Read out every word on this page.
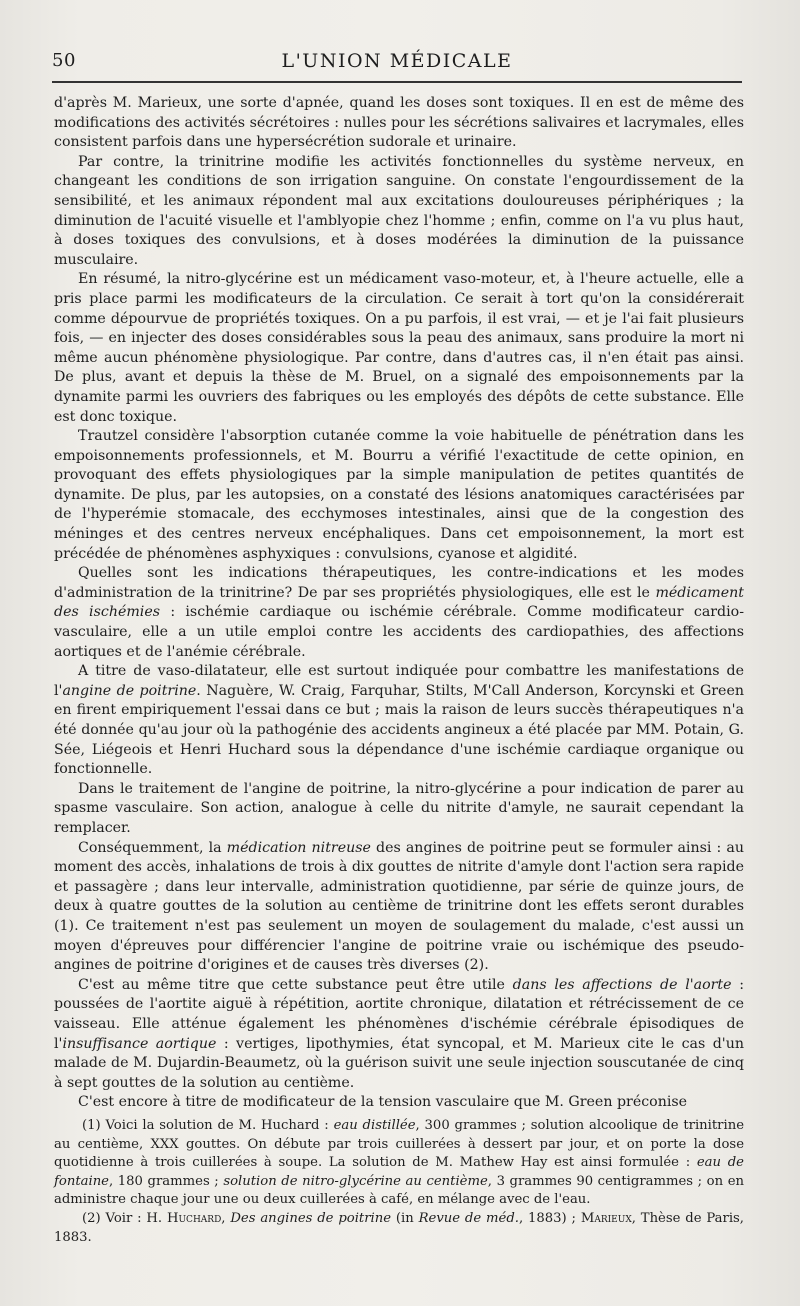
50	L'UNION MÉDICALE

d'après M. Marieux, une sorte d'apnée, quand les doses sont toxiques. Il en est de même des modifications des activités sécrétoires : nulles pour les sécrétions salivaires et lacrymales, elles consistent parfois dans une hypersécrétion sudorale et urinaire.

Par contre, la trinitrine modifie les activités fonctionnelles du système nerveux, en changeant les conditions de son irrigation sanguine. On constate l'engourdissement de la sensibilité, et les animaux répondent mal aux excitations douloureuses périphériques ; la diminution de l'acuité visuelle et l'amblyopie chez l'homme ; enfin, comme on l'a vu plus haut, à doses toxiques des convulsions, et à doses modérées la diminution de la puissance musculaire.

En résumé, la nitro-glycérine est un médicament vaso-moteur, et, à l'heure actuelle, elle a pris place parmi les modificateurs de la circulation. Ce serait à tort qu'on la considérerait comme dépourvue de propriétés toxiques. On a pu parfois, il est vrai, — et je l'ai fait plusieurs fois, — en injecter des doses considérables sous la peau des animaux, sans produire la mort ni même aucun phénomène physiologique. Par contre, dans d'autres cas, il n'en était pas ainsi. De plus, avant et depuis la thèse de M. Bruel, on a signalé des empoisonnements par la dynamite parmi les ouvriers des fabriques ou les employés des dépôts de cette substance. Elle est donc toxique.

Trautzel considère l'absorption cutanée comme la voie habituelle de pénétration dans les empoisonnements professionnels, et M. Bourru a vérifié l'exactitude de cette opinion, en provoquant des effets physiologiques par la simple manipulation de petites quantités de dynamite. De plus, par les autopsies, on a constaté des lésions anatomiques caractérisées par de l'hyperémie stomacale, des ecchymoses intestinales, ainsi que de la congestion des méninges et des centres nerveux encéphaliques. Dans cet empoisonnement, la mort est précédée de phénomènes asphyxiques : convulsions, cyanose et algidité.

Quelles sont les indications thérapeutiques, les contre-indications et les modes d'administration de la trinitrine? De par ses propriétés physiologiques, elle est le médicament des ischémies : ischémie cardiaque ou ischémie cérébrale. Comme modificateur cardio-vasculaire, elle a un utile emploi contre les accidents des cardiopathies, des affections aortiques et de l'anémie cérébrale.

A titre de vaso-dilatateur, elle est surtout indiquée pour combattre les manifestations de l'angine de poitrine. Naguère, W. Craig, Farquhar, Stilts, M'Call Anderson, Korcynski et Green en firent empiriquement l'essai dans ce but ; mais la raison de leurs succès thérapeutiques n'a été donnée qu'au jour où la pathogénie des accidents angineux a été placée par MM. Potain, G. Sée, Liégeois et Henri Huchard sous la dépendance d'une ischémie cardiaque organique ou fonctionnelle.

Dans le traitement de l'angine de poitrine, la nitro-glycérine a pour indication de parer au spasme vasculaire. Son action, analogue à celle du nitrite d'amyle, ne saurait cependant la remplacer.

Conséquemment, la médication nitreuse des angines de poitrine peut se formuler ainsi : au moment des accès, inhalations de trois à dix gouttes de nitrite d'amyle dont l'action sera rapide et passagère ; dans leur intervalle, administration quotidienne, par série de quinze jours, de deux à quatre gouttes de la solution au centième de trinitrine dont les effets seront durables (1). Ce traitement n'est pas seulement un moyen de soulagement du malade, c'est aussi un moyen d'épreuves pour différencier l'angine de poitrine vraie ou ischémique des pseudo-angines de poitrine d'origines et de causes très diverses (2).

C'est au même titre que cette substance peut être utile dans les affections de l'aorte : poussées de l'aortite aiguë à répétition, aortite chronique, dilatation et rétrécissement de ce vaisseau. Elle atténue également les phénomènes d'ischémie cérébrale épisodiques de l'insuffisance aortique : vertiges, lipothymies, état syncopal, et M. Marieux cite le cas d'un malade de M. Dujardin-Beaumetz, où la guérison suivit une seule injection souscutanée de cinq à sept gouttes de la solution au centième.

C'est encore à titre de modificateur de la tension vasculaire que M. Green préconise

(1) Voici la solution de M. Huchard : eau distillée, 300 grammes ; solution alcoolique de trinitrine au centième, XXX gouttes. On débute par trois cuillerées à dessert par jour, et on porte la dose quotidienne à trois cuillerées à soupe. La solution de M. Mathew Hay est ainsi formulée : eau de fontaine, 180 grammes ; solution de nitro-glycérine au centième, 3 grammes 90 centigrammes ; on en administre chaque jour une ou deux cuillerées à café, en mélange avec de l'eau.

(2) Voir : H. Huchard, Des angines de poitrine (in Revue de méd., 1883) ; Marieux, Thèse de Paris, 1883.
